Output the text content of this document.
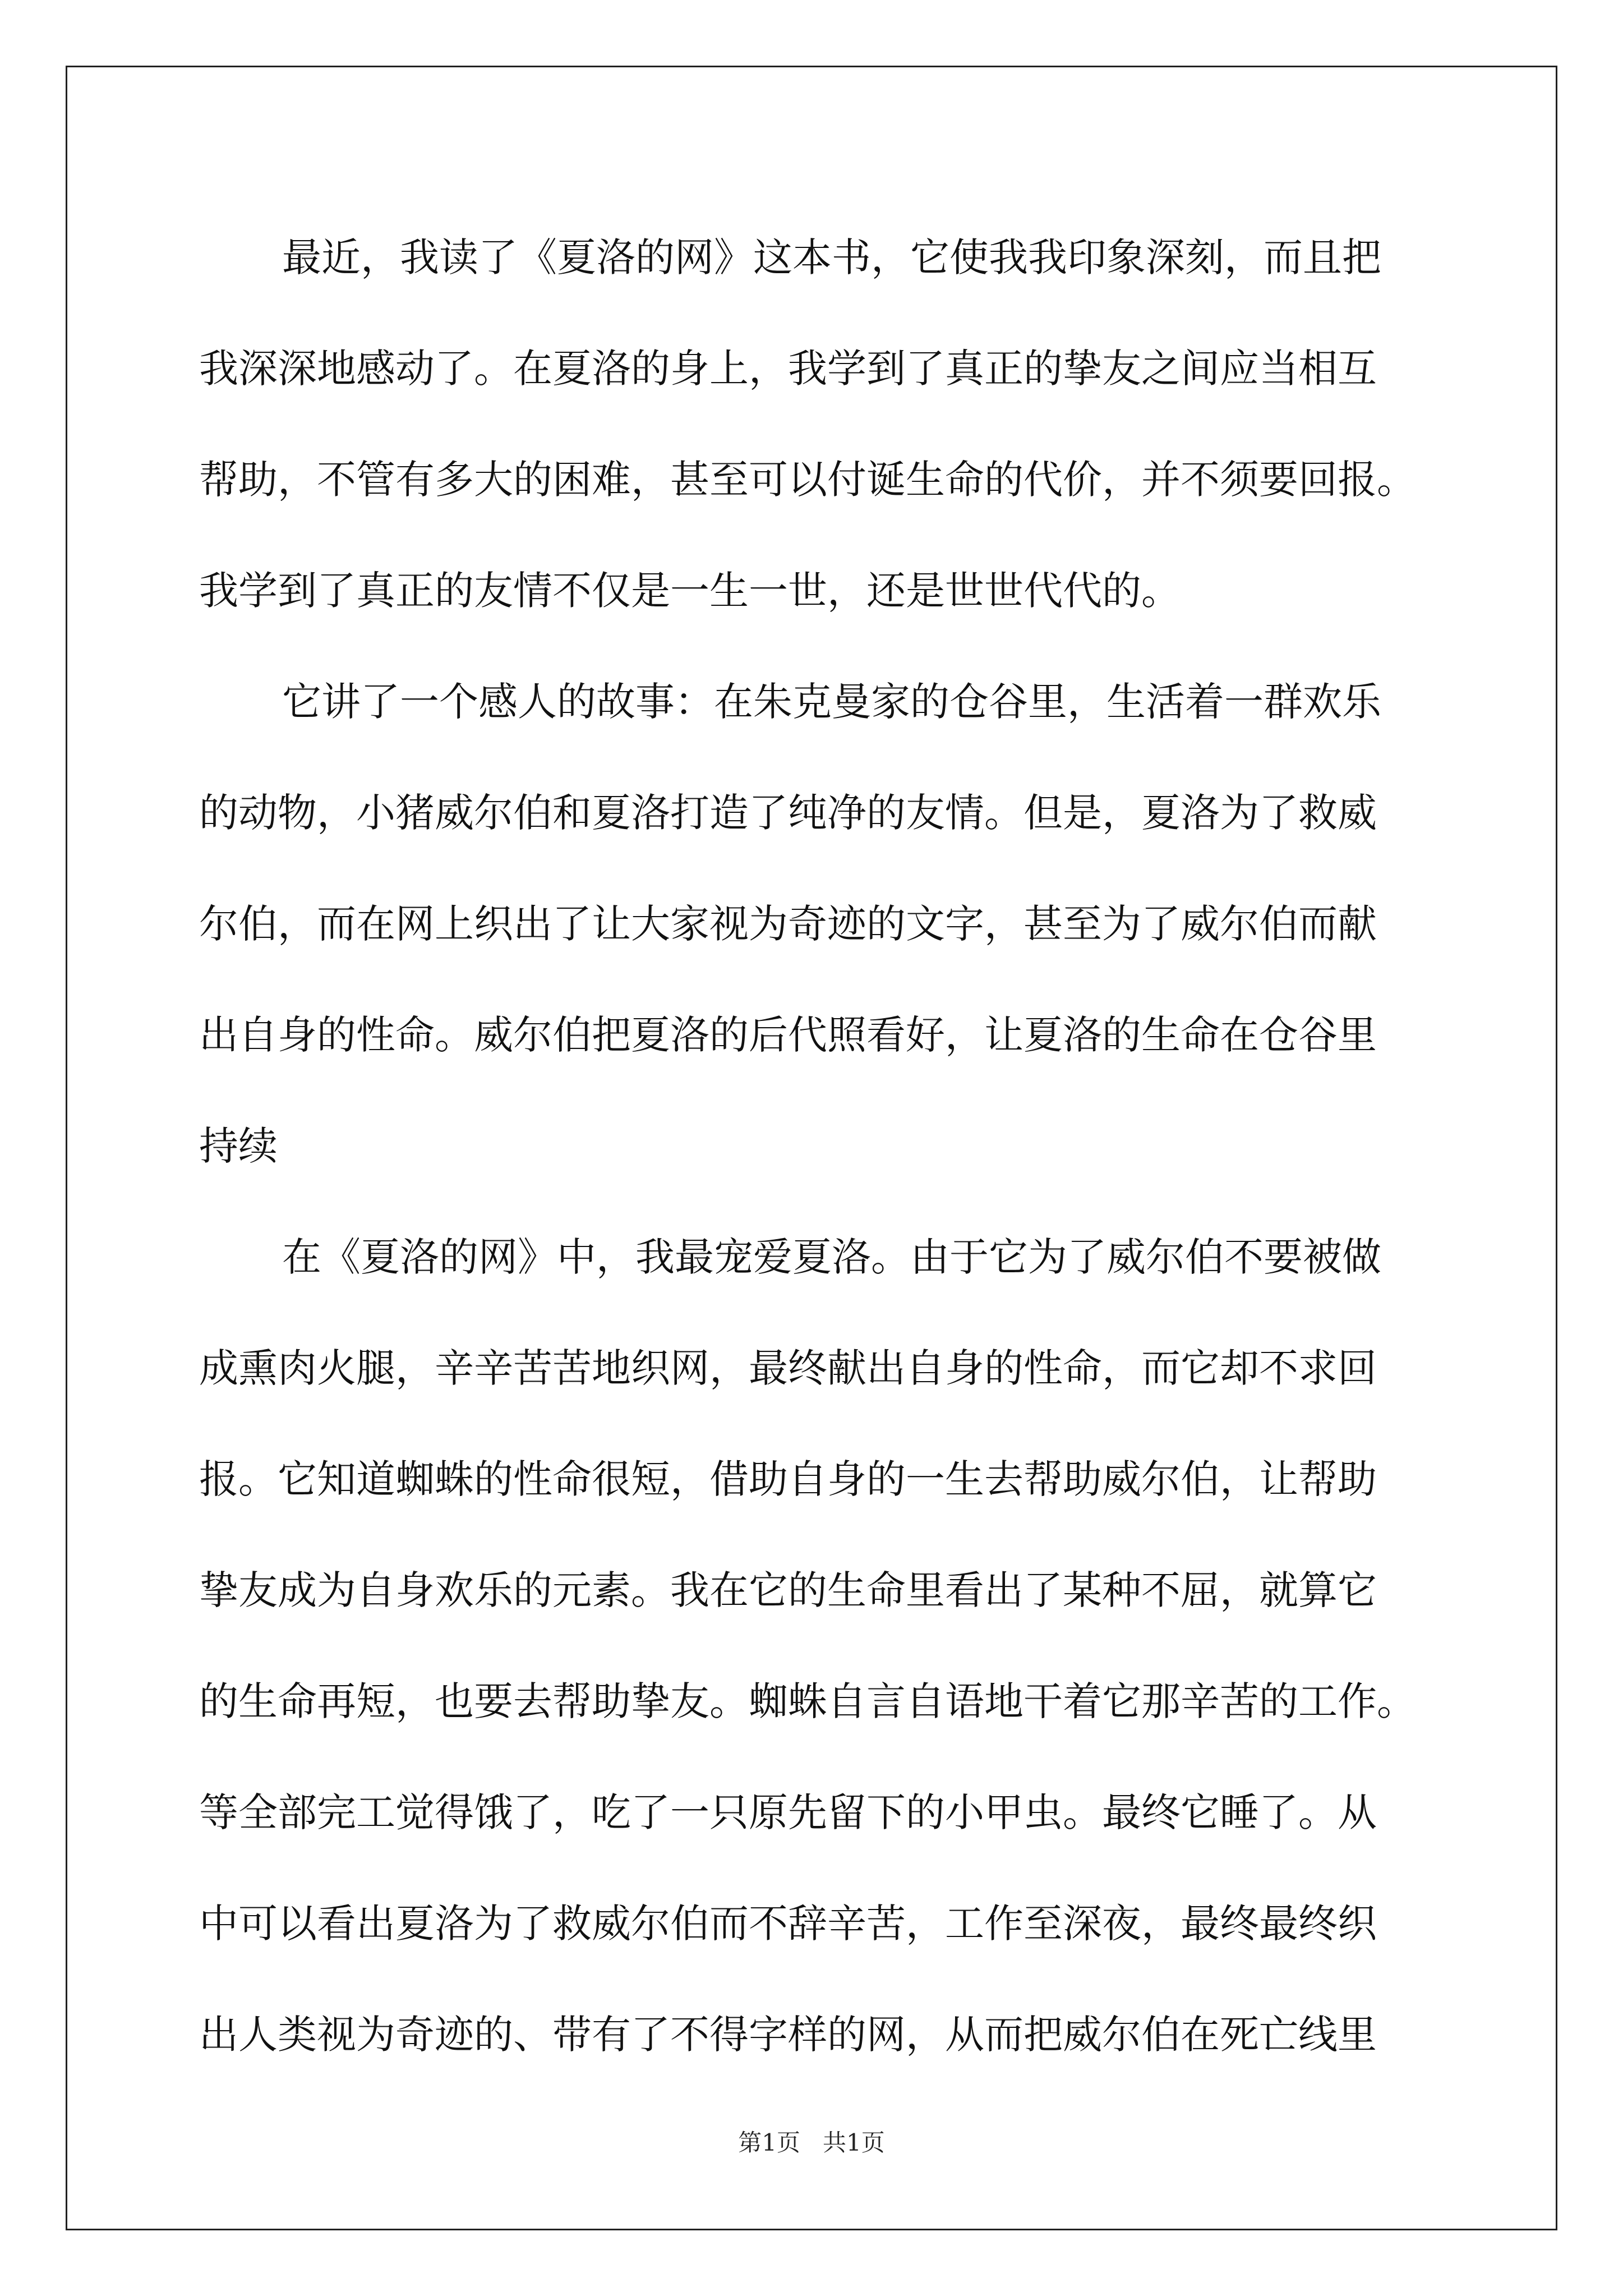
最近，我读了《夏洛的网》这本书，它使我我印象深刻，而且把
我深深地感动了。在夏洛的身上，我学到了真正的挚友之间应当相互
帮助，不管有多大的困难，甚至可以付诞生命的代价，并不须要回报。
我学到了真正的友情不仅是一生一世，还是世世代代的。
它讲了一个感人的故事：在朱克曼家的仓谷里，生活着一群欢乐
的动物，小猪威尔伯和夏洛打造了纯净的友情。但是，夏洛为了救威
尔伯，而在网上织出了让大家视为奇迹的文字，甚至为了威尔伯而献
出自身的性命。威尔伯把夏洛的后代照看好，让夏洛的生命在仓谷里
持续
在《夏洛的网》中，我最宠爱夏洛。由于它为了威尔伯不要被做
成熏肉火腿，辛辛苦苦地织网，最终献出自身的性命，而它却不求回
报。它知道蜘蛛的性命很短，借助自身的一生去帮助威尔伯，让帮助
挚友成为自身欢乐的元素。我在它的生命里看出了某种不屈，就算它
的生命再短，也要去帮助挚友。蜘蛛自言自语地干着它那辛苦的工作。
等全部完工觉得饿了，吃了一只原先留下的小甲虫。最终它睡了。从
中可以看出夏洛为了救威尔伯而不辞辛苦，工作至深夜，最终最终织
出人类视为奇迹的、带有了不得字样的网，从而把威尔伯在死亡线里
第1页   共1页
